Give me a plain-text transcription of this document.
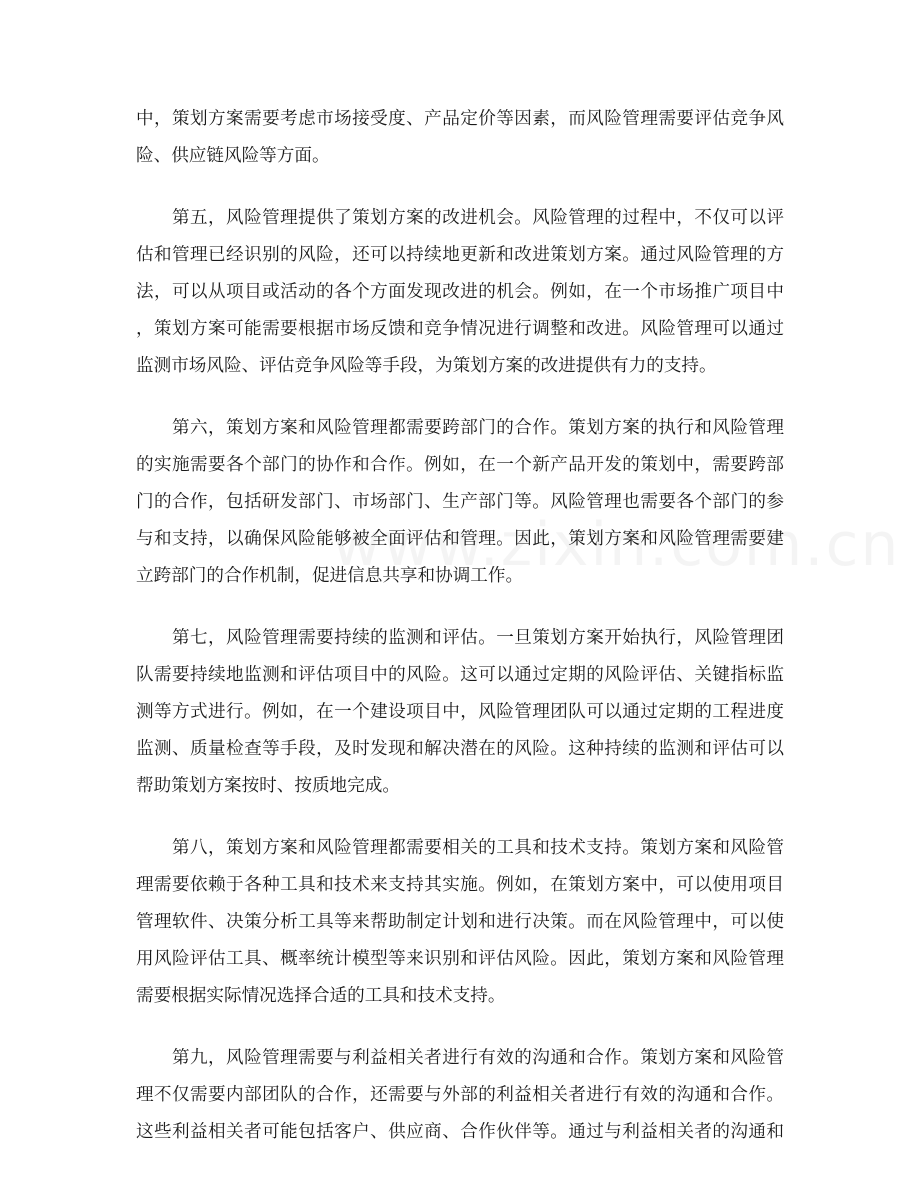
中，策划方案需要考虑市场接受度、产品定价等因素，而风险管理需要评估竞争风
险、供应链风险等方面。
　　第五，风险管理提供了策划方案的改进机会。风险管理的过程中，不仅可以评
估和管理已经识别的风险，还可以持续地更新和改进策划方案。通过风险管理的方
法，可以从项目或活动的各个方面发现改进的机会。例如，在一个市场推广项目中
，策划方案可能需要根据市场反馈和竞争情况进行调整和改进。风险管理可以通过
监测市场风险、评估竞争风险等手段，为策划方案的改进提供有力的支持。
　　第六，策划方案和风险管理都需要跨部门的合作。策划方案的执行和风险管理
的实施需要各个部门的协作和合作。例如，在一个新产品开发的策划中，需要跨部
门的合作，包括研发部门、市场部门、生产部门等。风险管理也需要各个部门的参
与和支持，以确保风险能够被全面评估和管理。因此，策划方案和风险管理需要建
立跨部门的合作机制，促进信息共享和协调工作。
　　第七，风险管理需要持续的监测和评估。一旦策划方案开始执行，风险管理团
队需要持续地监测和评估项目中的风险。这可以通过定期的风险评估、关键指标监
测等方式进行。例如，在一个建设项目中，风险管理团队可以通过定期的工程进度
监测、质量检查等手段，及时发现和解决潜在的风险。这种持续的监测和评估可以
帮助策划方案按时、按质地完成。
　　第八，策划方案和风险管理都需要相关的工具和技术支持。策划方案和风险管
理需要依赖于各种工具和技术来支持其实施。例如，在策划方案中，可以使用项目
管理软件、决策分析工具等来帮助制定计划和进行决策。而在风险管理中，可以使
用风险评估工具、概率统计模型等来识别和评估风险。因此，策划方案和风险管理
需要根据实际情况选择合适的工具和技术支持。
　　第九，风险管理需要与利益相关者进行有效的沟通和合作。策划方案和风险管
理不仅需要内部团队的合作，还需要与外部的利益相关者进行有效的沟通和合作。
这些利益相关者可能包括客户、供应商、合作伙伴等。通过与利益相关者的沟通和
